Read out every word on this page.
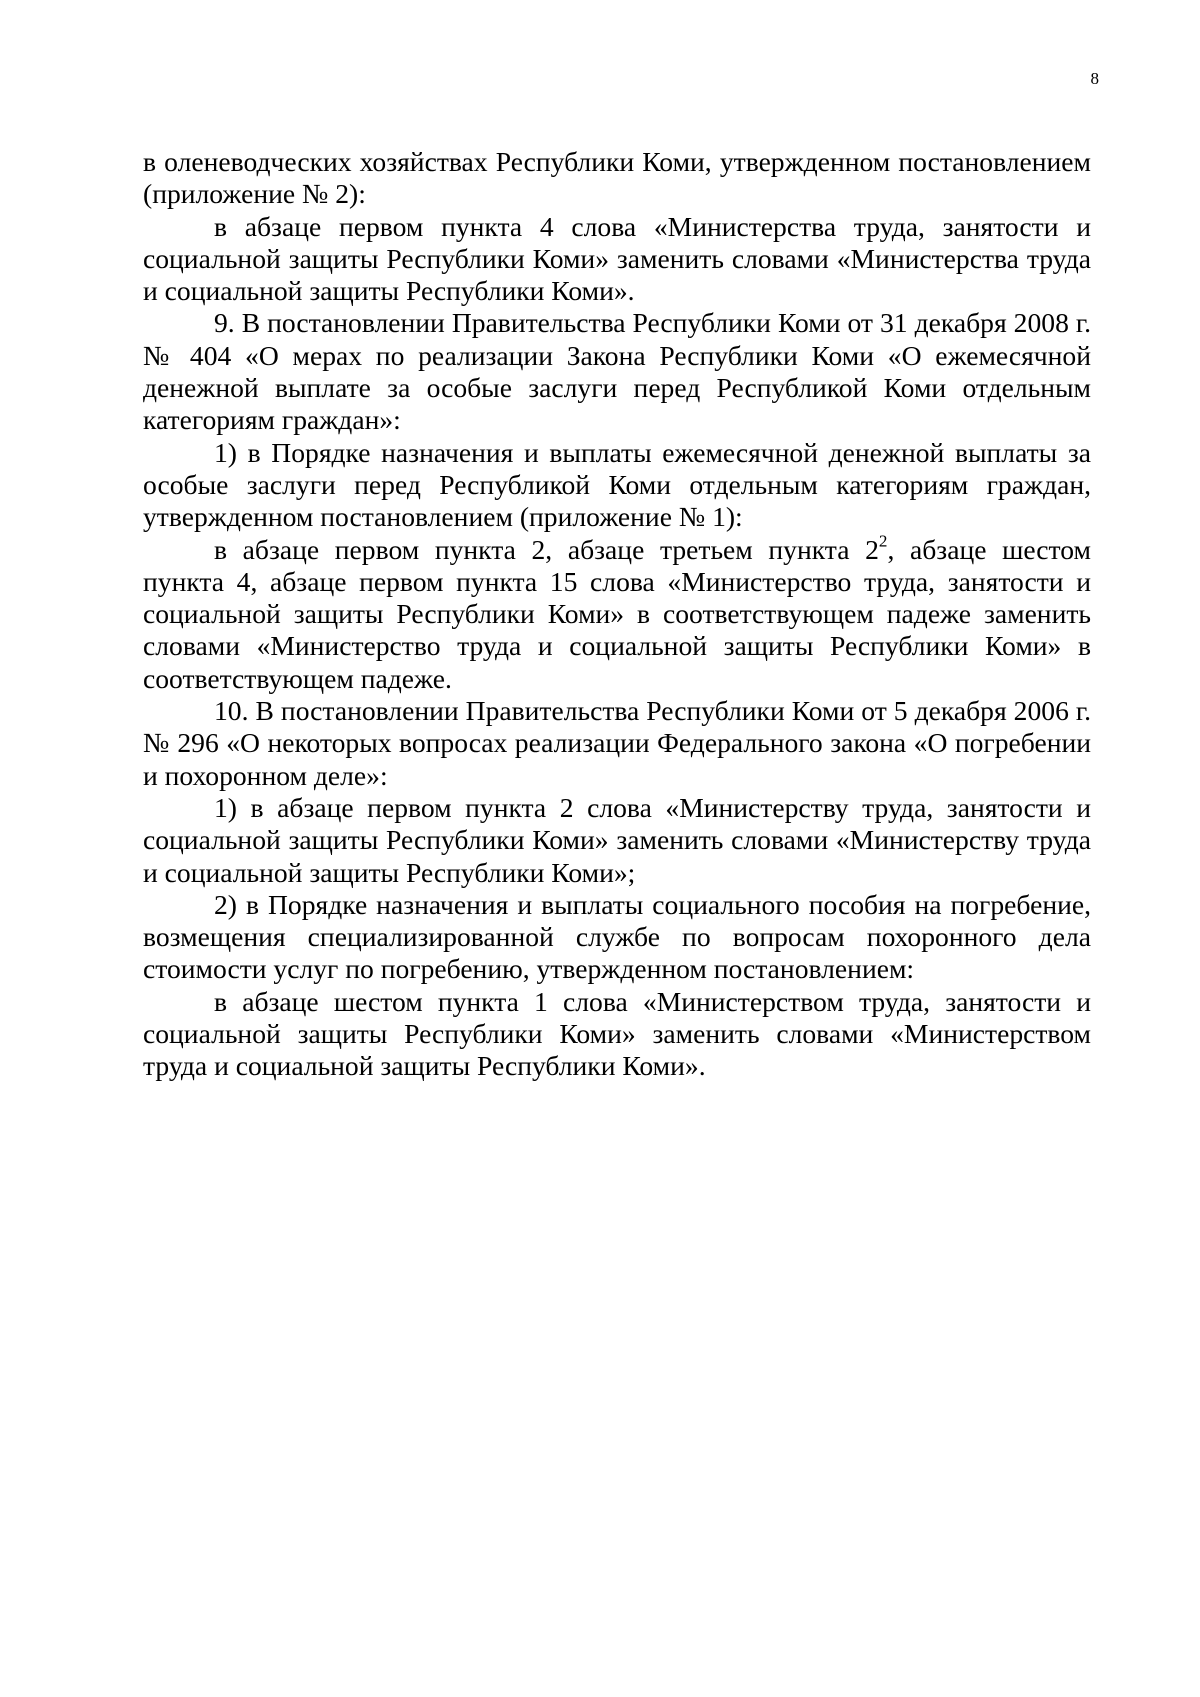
8

в оленеводческих хозяйствах Республики Коми, утвержденном постановлением (приложение № 2):

в абзаце первом пункта 4 слова «Министерства труда, занятости и социальной защиты Республики Коми» заменить словами «Министерства труда и социальной защиты Республики Коми».

9. В постановлении Правительства Республики Коми от 31 декабря 2008 г. № 404 «О мерах по реализации Закона Республики Коми «О ежемесячной денежной выплате за особые заслуги перед Республикой Коми отдельным категориям граждан»:

1) в Порядке назначения и выплаты ежемесячной денежной выплаты за особые заслуги перед Республикой Коми отдельным категориям граждан, утвержденном постановлением (приложение № 1):

в абзаце первом пункта 2, абзаце третьем пункта $2^2$, абзаце шестом пункта 4, абзаце первом пункта 15 слова «Министерство труда, занятости и социальной защиты Республики Коми» в соответствующем падеже заменить словами «Министерство труда и социальной защиты Республики Коми» в соответствующем падеже.

10. В постановлении Правительства Республики Коми от 5 декабря 2006 г. № 296 «О некоторых вопросах реализации Федерального закона «О погребении и похоронном деле»:

1) в абзаце первом пункта 2 слова «Министерству труда, занятости и социальной защиты Республики Коми» заменить словами «Министерству труда и социальной защиты Республики Коми»;

2) в Порядке назначения и выплаты социального пособия на погребение, возмещения специализированной службе по вопросам похоронного дела стоимости услуг по погребению, утвержденном постановлением:

в абзаце шестом пункта 1 слова «Министерством труда, занятости и социальной защиты Республики Коми» заменить словами «Министерством труда и социальной защиты Республики Коми».
